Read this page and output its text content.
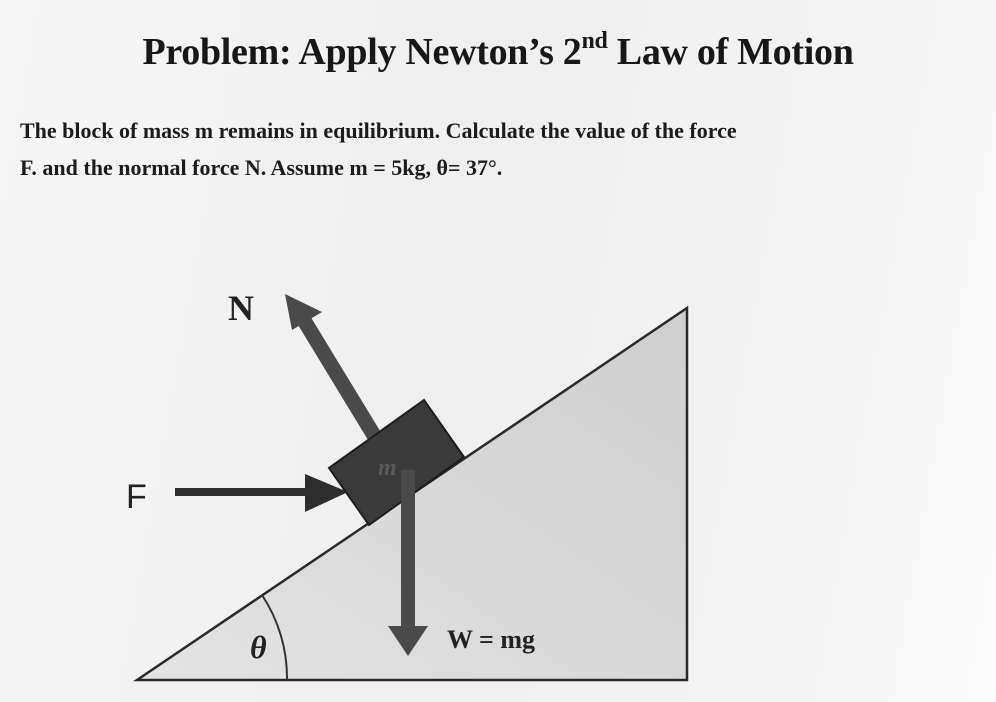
Problem: Apply Newton’s 2nd Law of Motion
The block of mass m remains in equilibrium. Calculate the value of the force
F. and the normal force N. Assume m = 5kg, θ= 37°.
N
F
m
W = mg
θ
